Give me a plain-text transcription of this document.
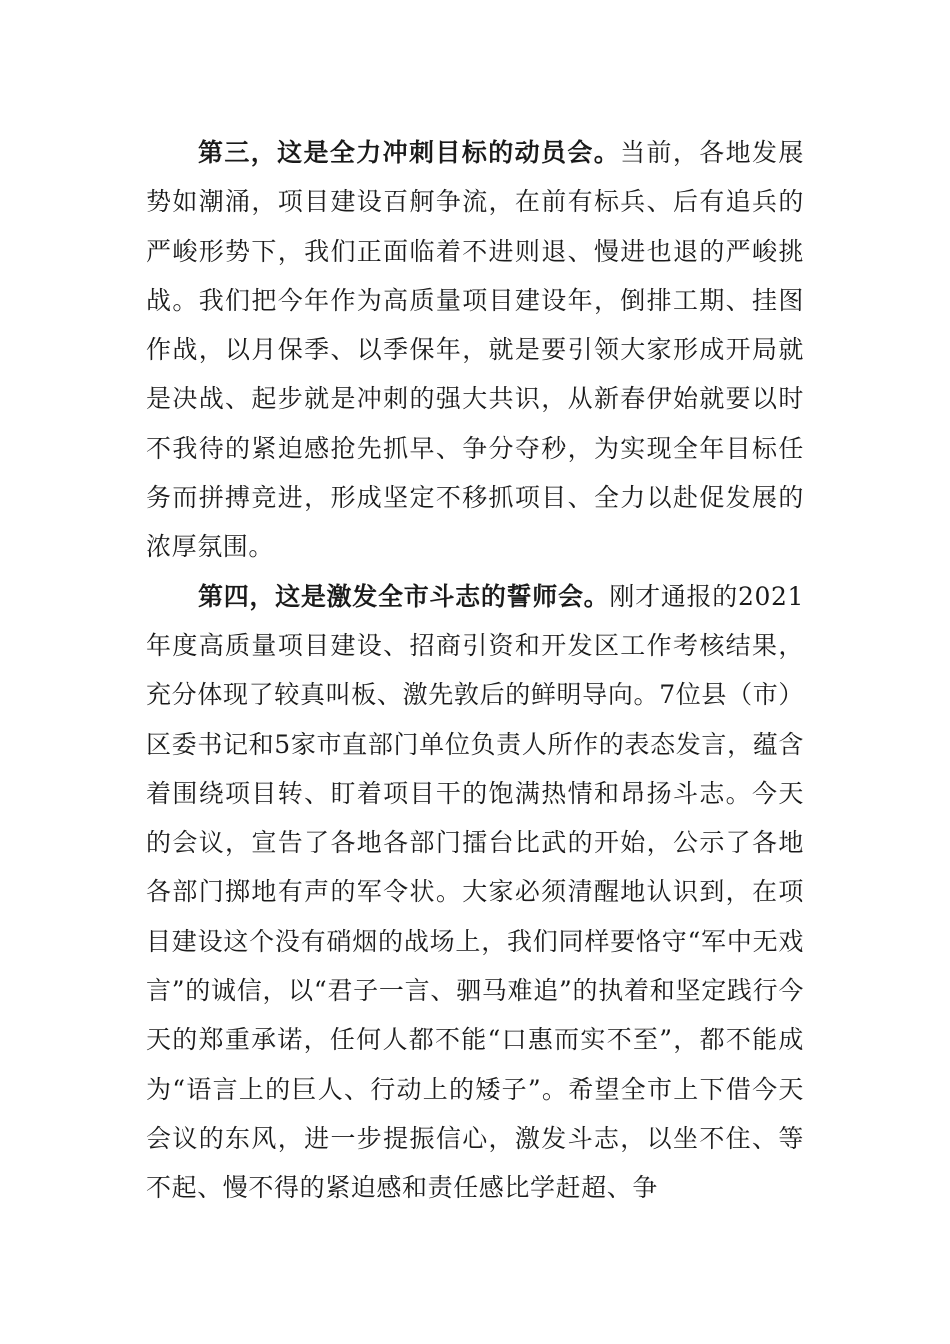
第三，这是全力冲刺目标的动员会。当前，各地发展势如潮涌，项目建设百舸争流，在前有标兵、后有追兵的严峻形势下，我们正面临着不进则退、慢进也退的严峻挑战。我们把今年作为高质量项目建设年，倒排工期、挂图作战，以月保季、以季保年，就是要引领大家形成开局就是决战、起步就是冲刺的强大共识，从新春伊始就要以时不我待的紧迫感抢先抓早、争分夺秒，为实现全年目标任务而拼搏竞进，形成坚定不移抓项目、全力以赴促发展的浓厚氛围。

第四，这是激发全市斗志的誓师会。刚才通报的2021年度高质量项目建设、招商引资和开发区工作考核结果，充分体现了较真叫板、激先敦后的鲜明导向。7位县（市）区委书记和5家市直部门单位负责人所作的表态发言，蕴含着围绕项目转、盯着项目干的饱满热情和昂扬斗志。今天的会议，宣告了各地各部门擂台比武的开始，公示了各地各部门掷地有声的军令状。大家必须清醒地认识到，在项目建设这个没有硝烟的战场上，我们同样要恪守“军中无戏言”的诚信，以“君子一言、驷马难追”的执着和坚定践行今天的郑重承诺，任何人都不能“口惠而实不至”，都不能成为“语言上的巨人、行动上的矮子”。希望全市上下借今天会议的东风，进一步提振信心，激发斗志，以坐不住、等不起、慢不得的紧迫感和责任感比学赶超、争
